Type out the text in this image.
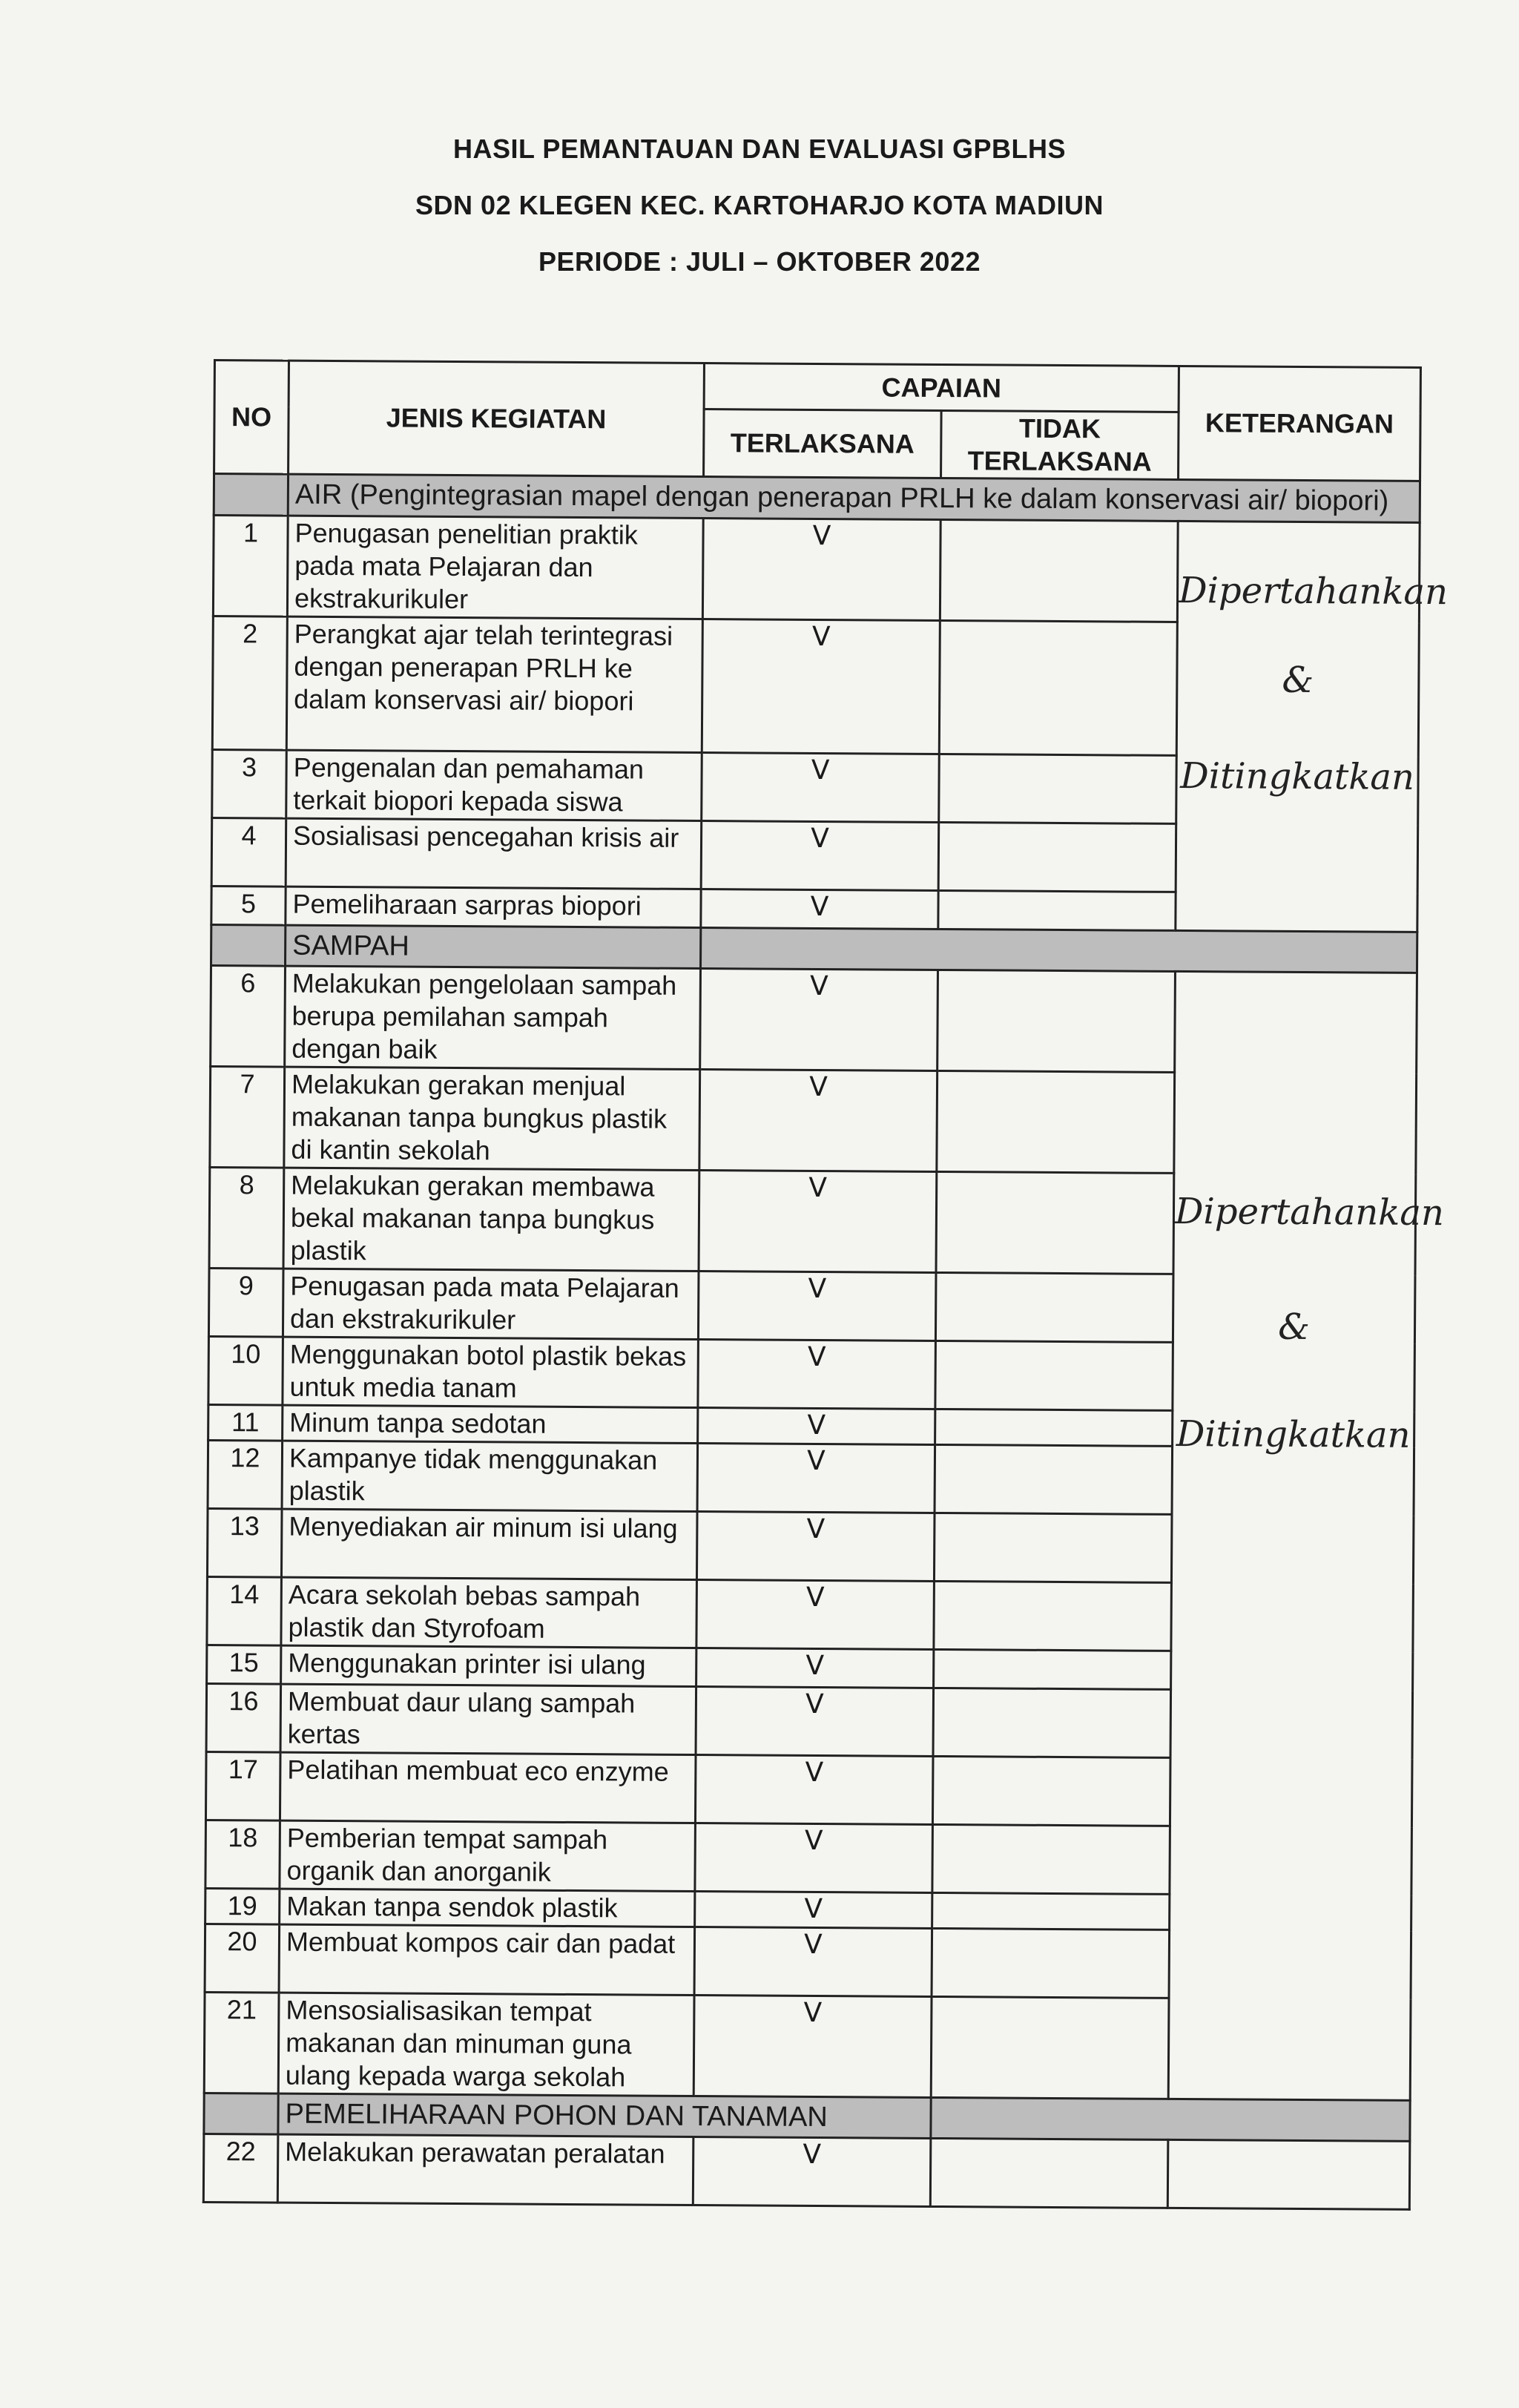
HASIL PEMANTAUAN DAN EVALUASI GPBLHS
SDN 02 KLEGEN KEC. KARTOHARJO KOTA MADIUN
PERIODE : JULI – OKTOBER 2022
NO	JENIS KEGIATAN	CAPAIAN		KETERANGAN
		TERLAKSANA	TIDAK TERLAKSANA	
	AIR (Pengintegrasian mapel dengan penerapan PRLH ke dalam konservasi air/ biopori)			
1	Penugasan penelitian praktik pada mata Pelajaran dan ekstrakurikuler	V		Dipertahankan
&
Ditingkatkan

2	Perangkat ajar telah terintegrasi dengan penerapan PRLH ke dalam konservasi air/ biopori	V		
3	Pengenalan dan pemahaman terkait biopori kepada siswa	V		
4	Sosialisasi pencegahan krisis air	V		
5	Pemeliharaan sarpras biopori	V		
	SAMPAH			
6	Melakukan pengelolaan sampah berupa pemilahan sampah dengan baik	V		Dipertahankan
&
Ditingkatkan

7	Melakukan gerakan menjual makanan tanpa bungkus plastik di kantin sekolah	V		
8	Melakukan gerakan membawa bekal makanan tanpa bungkus plastik	V		
9	Penugasan pada mata Pelajaran dan ekstrakurikuler	V		
10	Menggunakan botol plastik bekas untuk media tanam	V		
11	Minum tanpa sedotan	V		
12	Kampanye tidak menggunakan plastik	V		
13	Menyediakan air minum isi ulang	V		
14	Acara sekolah bebas sampah plastik dan Styrofoam	V		
15	Menggunakan printer isi ulang	V		
16	Membuat daur ulang sampah kertas	V		
17	Pelatihan membuat eco enzyme	V		
18	Pemberian tempat sampah organik dan anorganik	V		
19	Makan tanpa sendok plastik	V		
20	Membuat kompos cair dan padat	V		
21	Mensosialisasikan tempat makanan dan minuman guna ulang kepada warga sekolah	V		
	PEMELIHARAAN POHON DAN TANAMAN			
22	Melakukan perawatan peralatan	V		
